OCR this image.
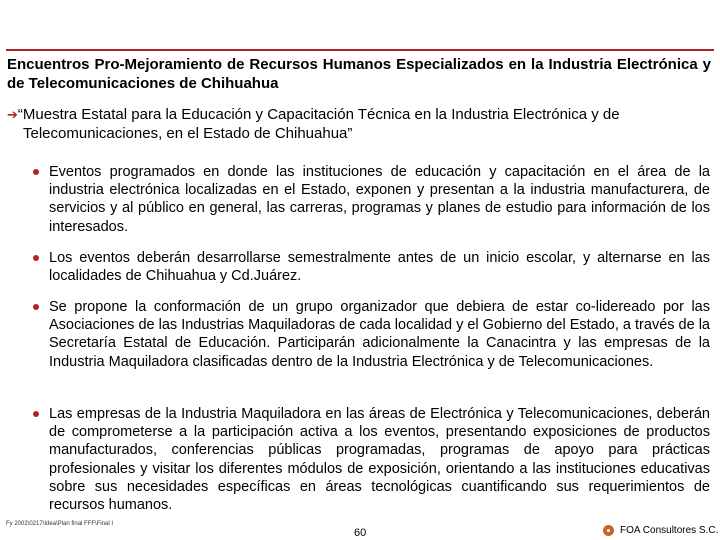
Encuentros Pro-Mejoramiento de Recursos Humanos Especializados en la Industria Electrónica y de Telecomunicaciones de Chihuahua
➔“Muestra Estatal para la Educación y Capacitación Técnica en la Industria Electrónica y de
Telecomunicaciones, en el Estado de Chihuahua”
Eventos programados en donde las instituciones de educación y capacitación en el área de la industria electrónica localizadas en el Estado, exponen y presentan a la industria manufacturera, de servicios y al público en general, las carreras, programas y planes de estudio para información de los interesados.
Los eventos deberán desarrollarse semestralmente antes de un inicio escolar, y alternarse en las localidades de Chihuahua y Cd.Juárez.
Se propone la conformación de un grupo organizador que debiera de estar co-lidereado por las Asociaciones de las Industrias Maquiladoras de cada localidad y el Gobierno del Estado, a través de la Secretaría Estatal de Educación. Participarán adicionalmente la Canacintra y las empresas de la Industria Maquiladora clasificadas dentro de la Industria Electrónica y de Telecomunicaciones.
Las empresas de la Industria Maquiladora en las áreas de Electrónica y Telecomunicaciones, deberán de comprometerse a la participación activa a los eventos, presentando exposiciones de productos manufacturados, conferencias públicas programadas, programas de apoyo para prácticas profesionales y visitar los diferentes módulos de exposición, orientando a las instituciones educativas sobre sus necesidades específicas en áreas tecnológicas cuantificando sus requerimientos de recursos humanos.
Fy 2002\0217\Idea\Plan final FFF\Final I
60	FOA Consultores S.C.
